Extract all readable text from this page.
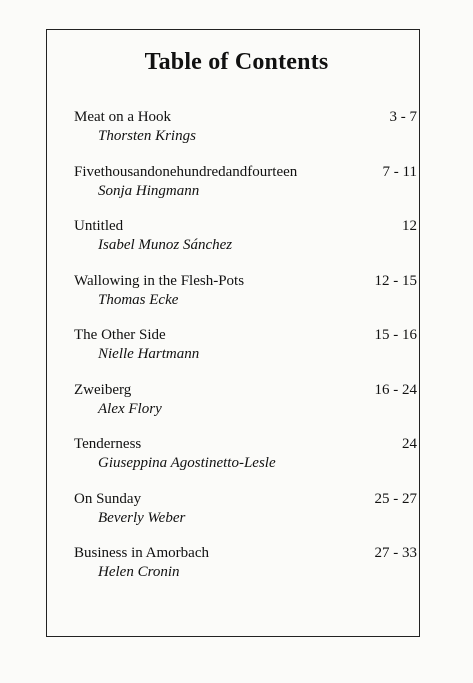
Table of Contents
Meat on a Hook
Thorsten Krings
3 - 7
Fivethousandonehundredandfourteen
Sonja Hingmann
7 - 11
Untitled
Isabel Munoz Sánchez
12
Wallowing in the Flesh-Pots
Thomas Ecke
12 - 15
The Other Side
Nielle Hartmann
15 - 16
Zweiberg
Alex Flory
16 - 24
Tenderness
Giuseppina Agostinetto-Lesle
24
On Sunday
Beverly Weber
25 - 27
Business in Amorbach
Helen Cronin
27 - 33
